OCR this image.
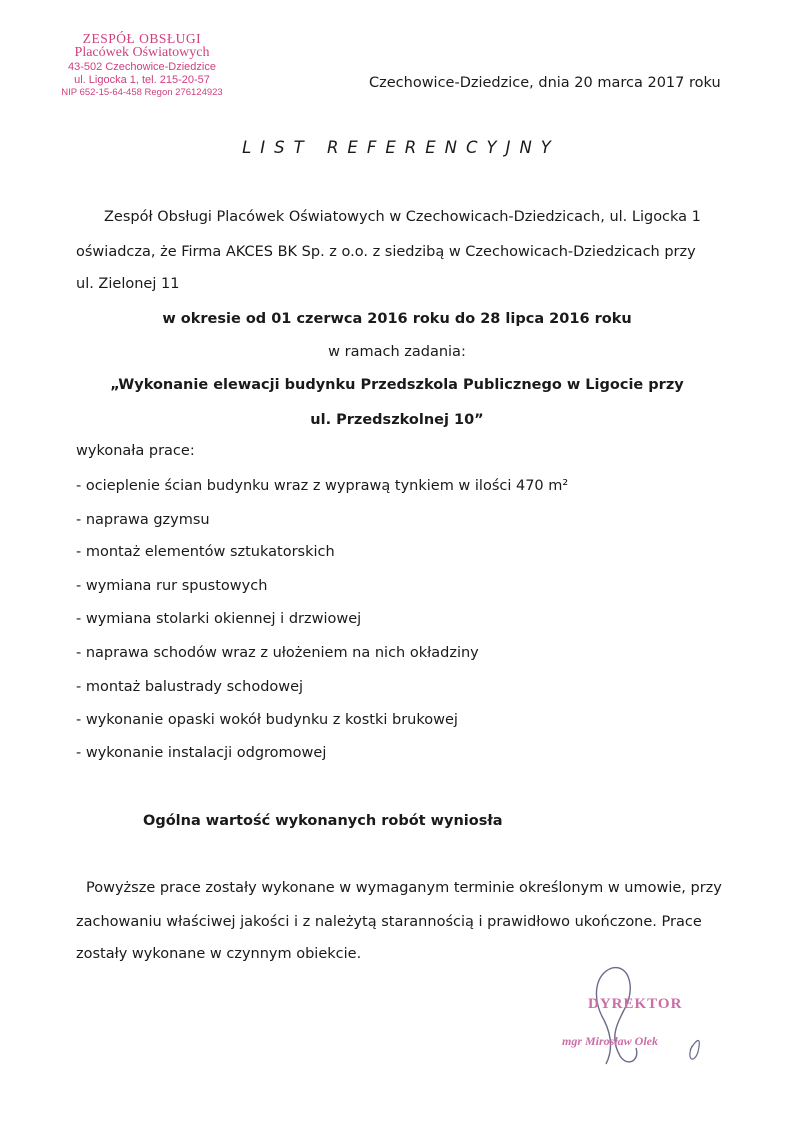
ZESPÓŁ OBSŁUGI
Placówek Oświatowych
43-502 Czechowice-Dziedzice
ul. Ligocka 1, tel. 215-20-57
NIP 652-15-64-458 Regon 276124923
Czechowice-Dziedzice, dnia 20 marca 2017 roku
LIST REFERENCYJNY
Zespół Obsługi Placówek Oświatowych w Czechowicach-Dziedzicach, ul. Ligocka 1
oświadcza, że Firma AKCES BK Sp. z o.o. z siedzibą w Czechowicach-Dziedzicach przy
ul. Zielonej 11
w okresie od 01 czerwca 2016 roku do 28 lipca 2016 roku
w ramach zadania:
„Wykonanie elewacji budynku Przedszkola Publicznego w Ligocie przy
ul. Przedszkolnej 10”
wykonała prace:
- ocieplenie ścian budynku wraz z wyprawą tynkiem w ilości 470 m²
- naprawa gzymsu
- montaż elementów sztukatorskich
- wymiana rur spustowych
- wymiana stolarki okiennej i drzwiowej
- naprawa schodów wraz z ułożeniem na nich okładziny
- montaż balustrady schodowej
- wykonanie opaski wokół budynku z kostki brukowej
- wykonanie instalacji odgromowej
Ogólna wartość wykonanych robót wyniosła
Powyższe prace zostały wykonane w wymaganym terminie określonym w umowie, przy
zachowaniu właściwej jakości i z należytą starannością i prawidłowo ukończone. Prace
zostały wykonane w czynnym obiekcie.
DYREKTOR
mgr Mirosław Olek
